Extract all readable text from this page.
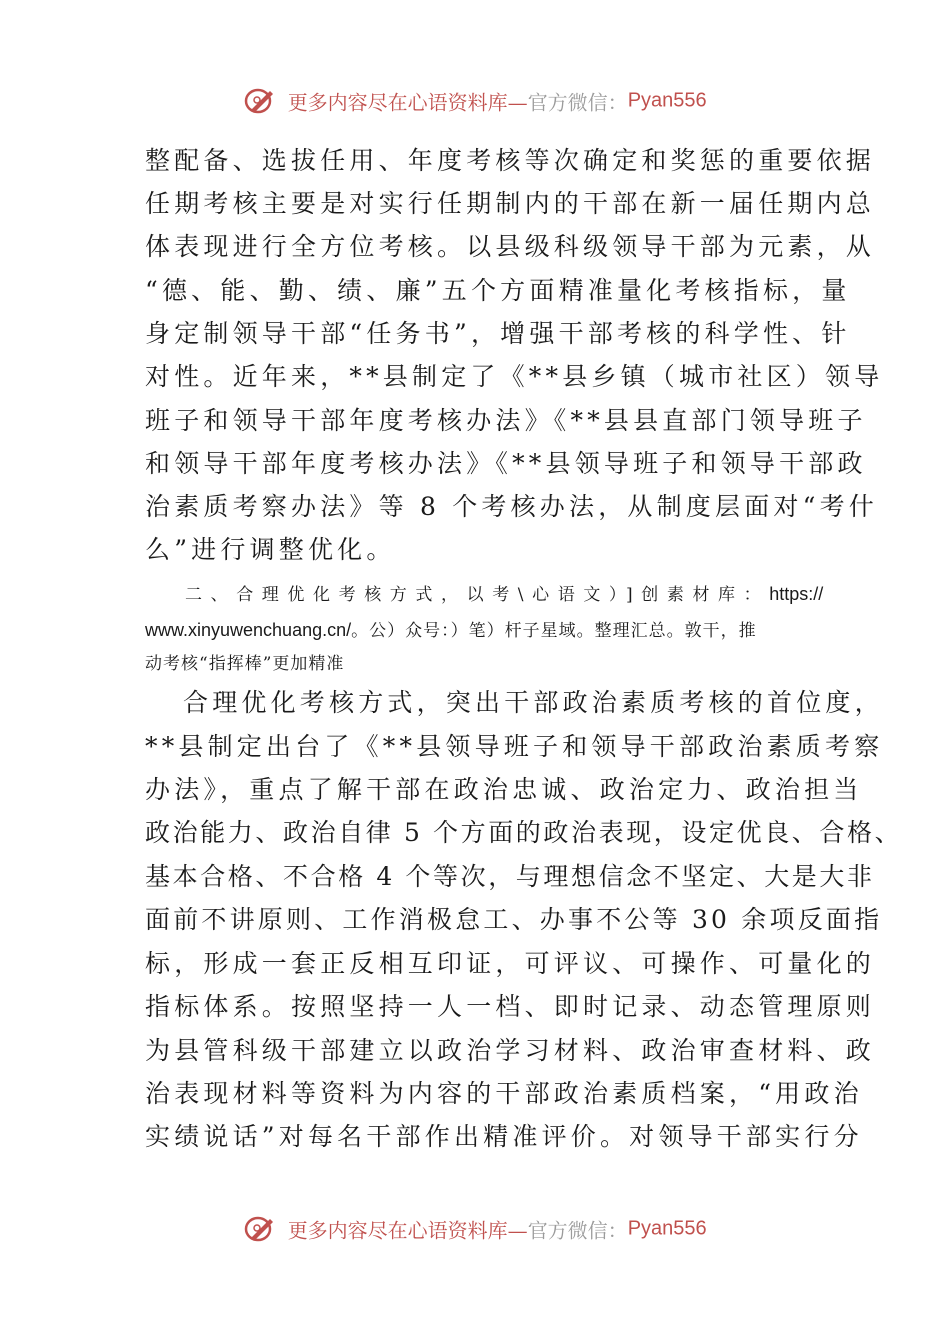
更多内容尽在心语资料库—官方微信：Pyan556
整配备、选拔任用、年度考核等次确定和奖惩的重要依据
任期考核主要是对实行任期制内的干部在新一届任期内总
体表现进行全方位考核。以县级科级领导干部为元素，从
“德、能、勤、绩、廉”五个方面精准量化考核指标，量
身定制领导干部“任务书”，增强干部考核的科学性、针
对性。近年来，**县制定了《**县乡镇（城市社区）领导
班子和领导干部年度考核办法》《**县县直部门领导班子
和领导干部年度考核办法》《**县领导班子和领导干部政
治素质考察办法》等 8 个考核办法，从制度层面对“考什
么”进行调整优化。
二、合理优化考核方式，以考\心语文）]创素材库：https://
www.xinyuwenchuang.cn/。公）众号：）笔）杆子星域。整理汇总。敦干，推
动考核“指挥棒”更加精准
合理优化考核方式，突出干部政治素质考核的首位度，
**县制定出台了《**县领导班子和领导干部政治素质考察
办法》，重点了解干部在政治忠诚、政治定力、政治担当
政治能力、政治自律 5 个方面的政治表现，设定优良、合格、
基本合格、不合格 4 个等次，与理想信念不坚定、大是大非
面前不讲原则、工作消极怠工、办事不公等 30 余项反面指
标，形成一套正反相互印证，可评议、可操作、可量化的
指标体系。按照坚持一人一档、即时记录、动态管理原则
为县管科级干部建立以政治学习材料、政治审查材料、政
治表现材料等资料为内容的干部政治素质档案，“用政治
实绩说话”对每名干部作出精准评价。对领导干部实行分
更多内容尽在心语资料库—官方微信：Pyan556
